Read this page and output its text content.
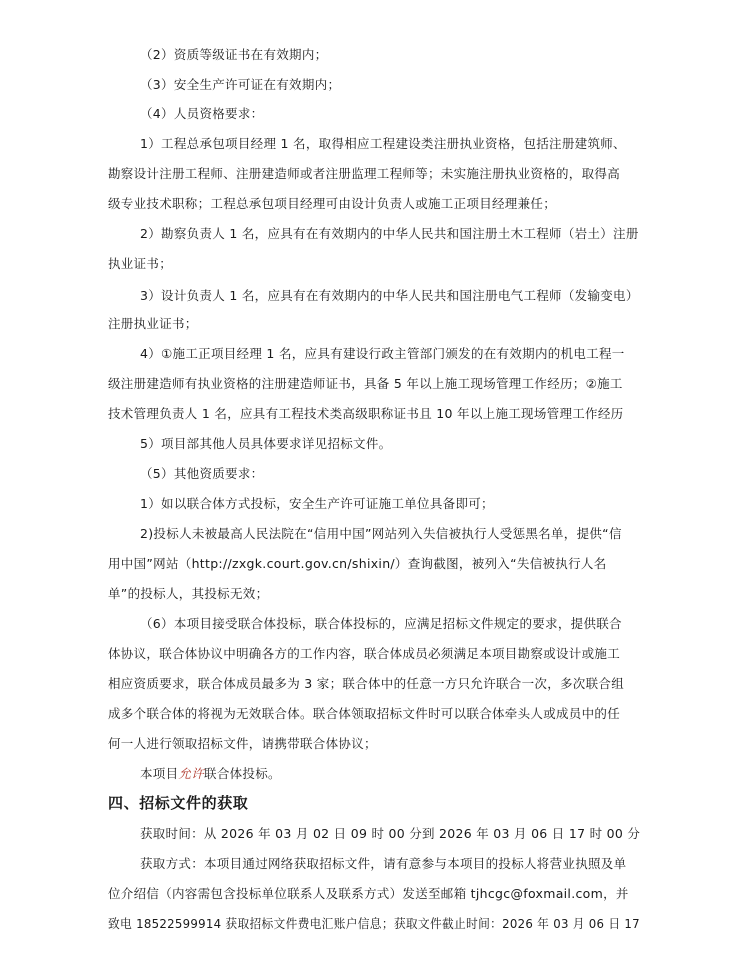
（2）资质等级证书在有效期内；
（3）安全生产许可证在有效期内；
（4）人员资格要求：
1）工程总承包项目经理 1 名，取得相应工程建设类注册执业资格，包括注册建筑师、
勘察设计注册工程师、注册建造师或者注册监理工程师等；未实施注册执业资格的，取得高
级专业技术职称；工程总承包项目经理可由设计负责人或施工正项目经理兼任；
2）勘察负责人 1 名，应具有在有效期内的中华人民共和国注册土木工程师（岩土）注册
执业证书；
3）设计负责人 1 名，应具有在有效期内的中华人民共和国注册电气工程师（发输变电）
注册执业证书；
4）①施工正项目经理 1 名，应具有建设行政主管部门颁发的在有效期内的机电工程一
级注册建造师有执业资格的注册建造师证书，具备 5 年以上施工现场管理工作经历；②施工
技术管理负责人 1 名，应具有工程技术类高级职称证书且 10 年以上施工现场管理工作经历
5）项目部其他人员具体要求详见招标文件。
（5）其他资质要求：
1）如以联合体方式投标，安全生产许可证施工单位具备即可；
2)投标人未被最高人民法院在“信用中国”网站列入失信被执行人受惩黑名单，提供“信
用中国”网站（http://zxgk.court.gov.cn/shixin/）查询截图，被列入“失信被执行人名
单”的投标人，其投标无效；
（6）本项目接受联合体投标，联合体投标的，应满足招标文件规定的要求，提供联合
体协议，联合体协议中明确各方的工作内容，联合体成员必须满足本项目勘察或设计或施工
相应资质要求，联合体成员最多为 3 家；联合体中的任意一方只允许联合一次，多次联合组
成多个联合体的将视为无效联合体。联合体领取招标文件时可以联合体牵头人或成员中的任
何一人进行领取招标文件，请携带联合体协议；
本项目允许联合体投标。
四、招标文件的获取
获取时间：从 2026 年 03 月 02 日 09 时 00 分到 2026 年 03 月 06 日 17 时 00 分
获取方式：本项目通过网络获取招标文件，请有意参与本项目的投标人将营业执照及单
位介绍信（内容需包含投标单位联系人及联系方式）发送至邮箱 tjhcgc@foxmail.com，并
致电 18522599914 获取招标文件费电汇账户信息；获取文件截止时间：2026 年 03 月 06 日 17
